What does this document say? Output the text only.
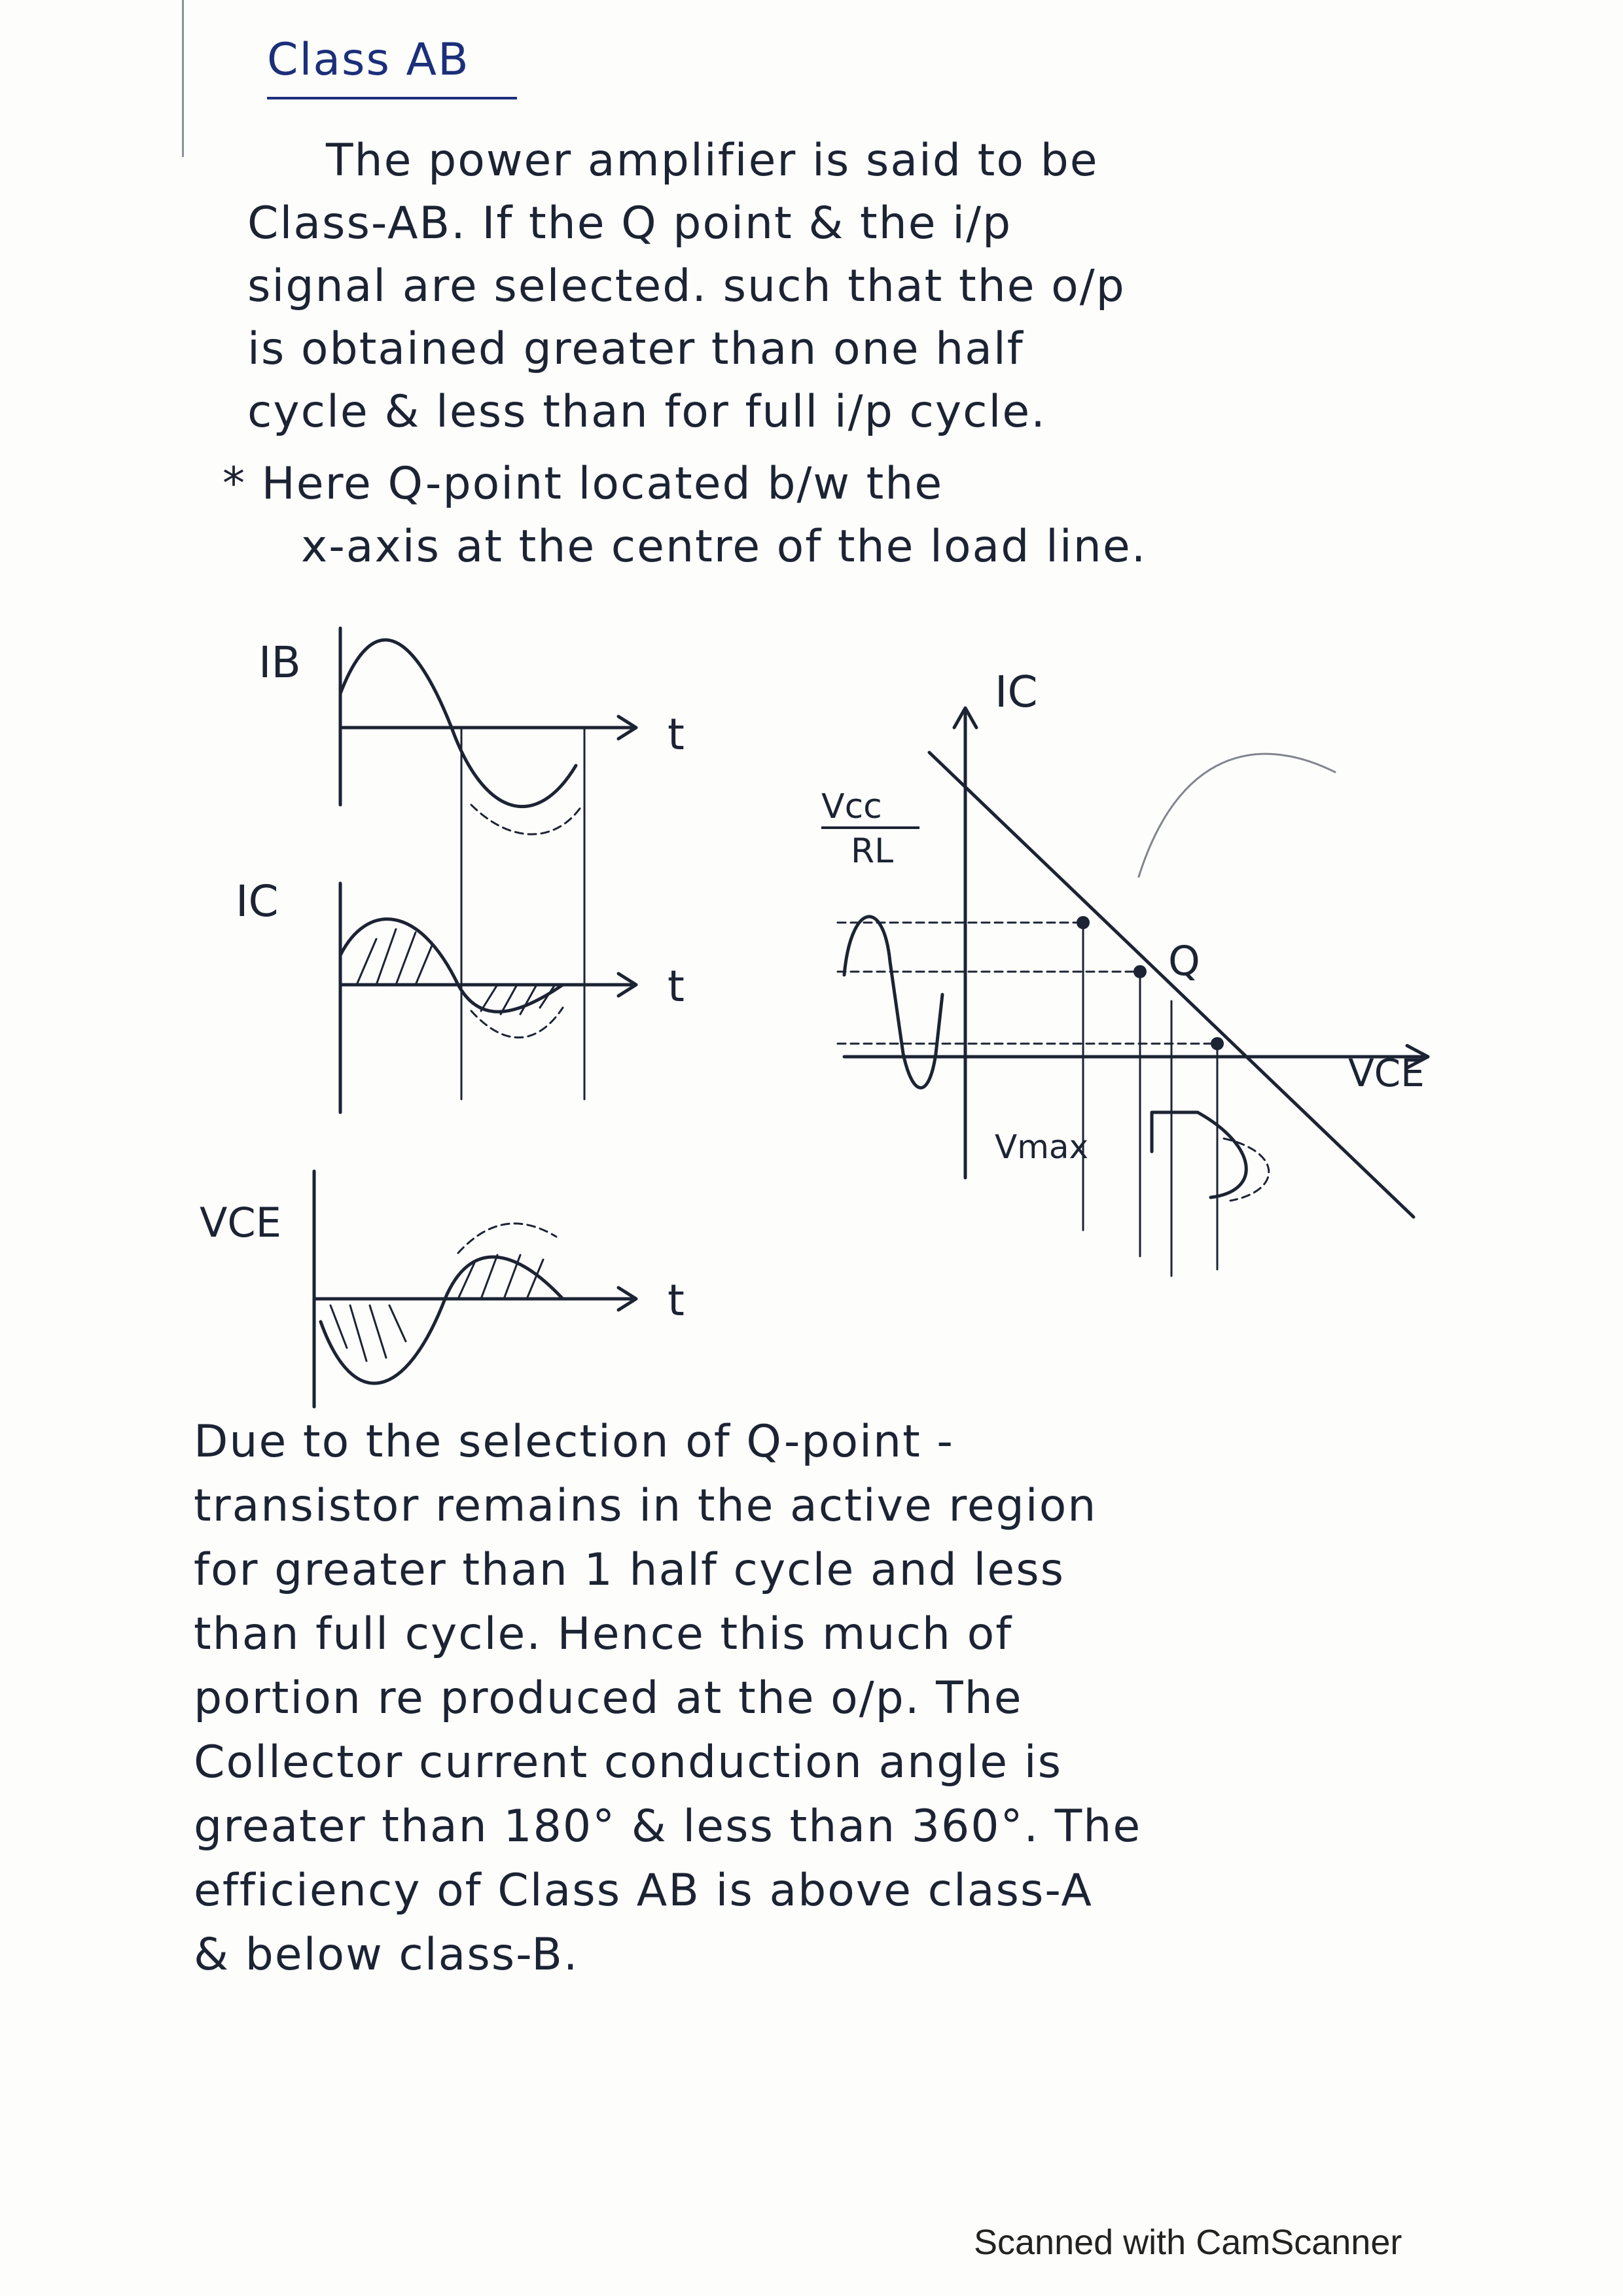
Class AB
The power amplifier is said to be
Class-AB. If the Q point & the i/p
signal are selected. such that the o/p
is obtained greater than one half
cycle & less than for full i/p cycle.
* Here Q-point located b/w the
x-axis at the centre of the load line.
IB
IC
VCE
t
t
t
IC
Vcc
RL
Q
VCE
Vmax
Due to the selection of Q-point -
transistor remains in the active region
for greater than 1 half cycle and less
than full cycle. Hence this much of
portion re produced at the o/p. The
Collector current conduction angle is
greater than 180° & less than 360°. The
efficiency of Class AB is above class-A
& below class-B.
Scanned with CamScanner
